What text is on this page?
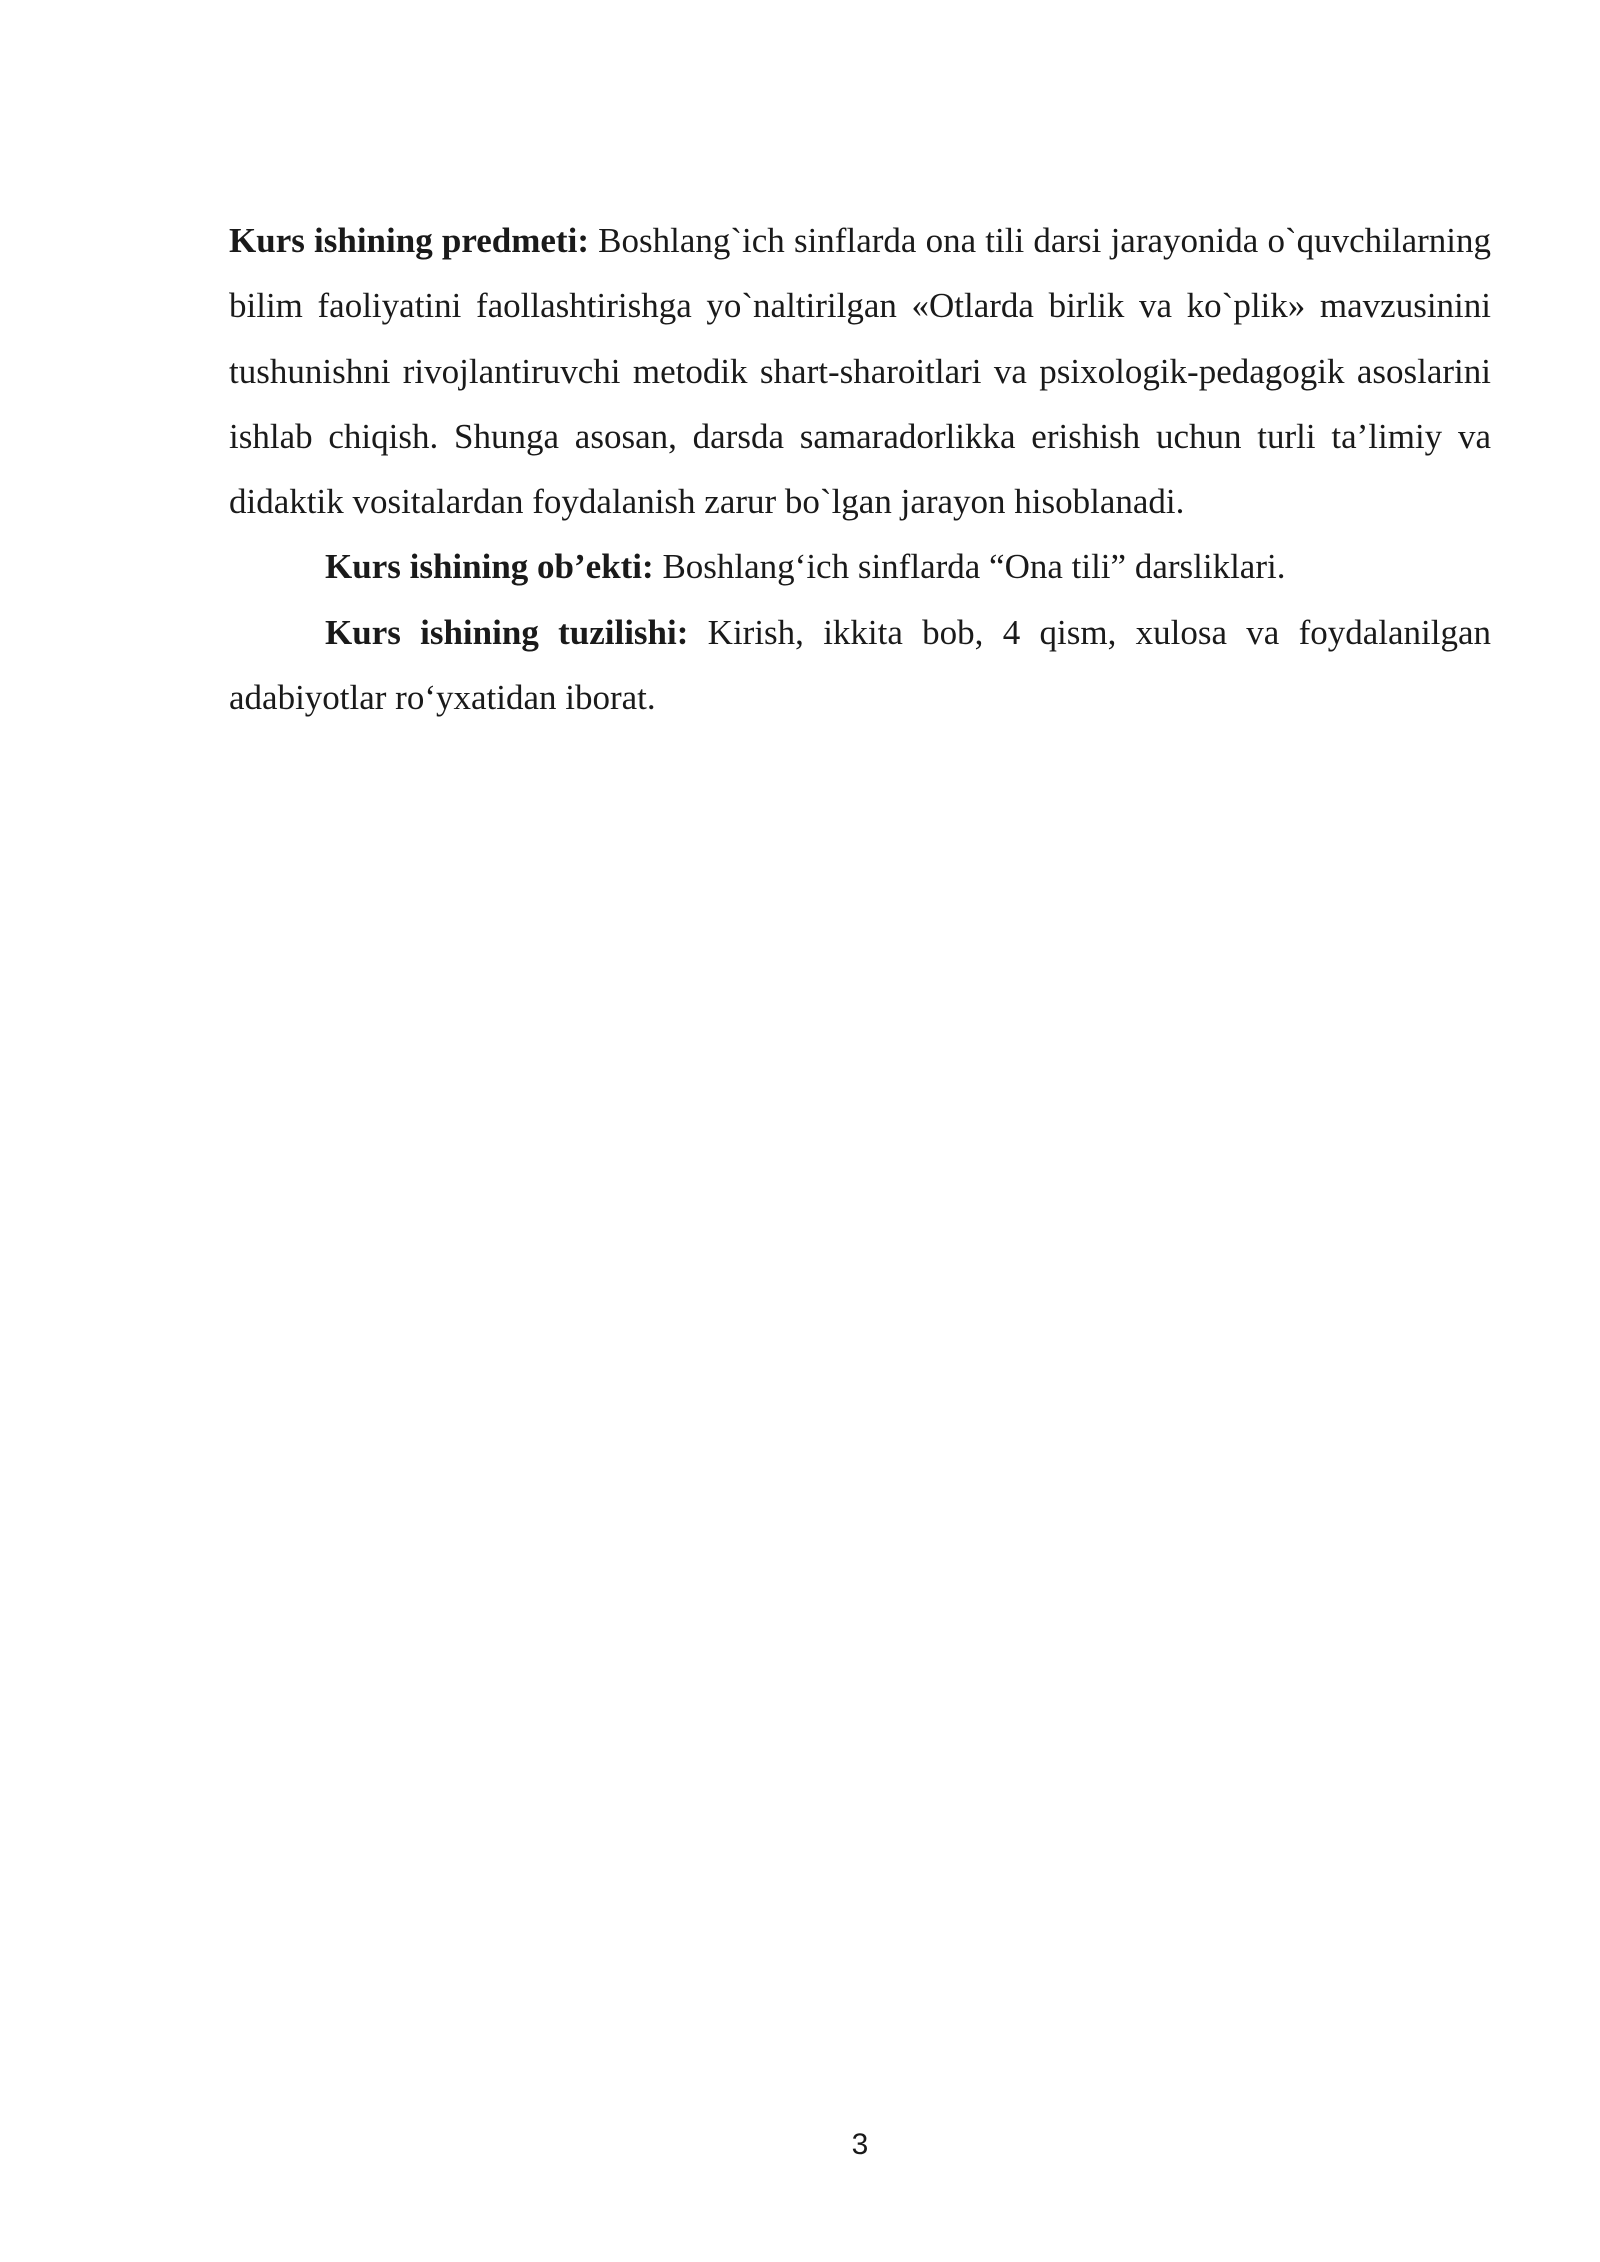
Kurs ishining predmeti: Boshlang`ich sinflarda ona tili darsi jarayonida o`quvchilarning bilim faoliyatini faollashtirishga yo`naltirilgan «Otlarda birlik va ko`plik» mavzusinini tushunishni rivojlantiruvchi metodik shart-sharoitlari va psixologik-pedagogik asoslarini ishlab chiqish. Shunga asosan, darsda samaradorlikka erishish uchun turli ta’limiy va didaktik vositalardan foydalanish zarur bo`lgan jarayon hisoblanadi.

Kurs ishining ob’ekti: Boshlang‘ich sinflarda “Ona tili” darsliklari.

Kurs ishining tuzilishi: Kirish, ikkita bob, 4 qism, xulosa va foydalanilgan adabiyotlar ro‘yxatidan iborat.

3
